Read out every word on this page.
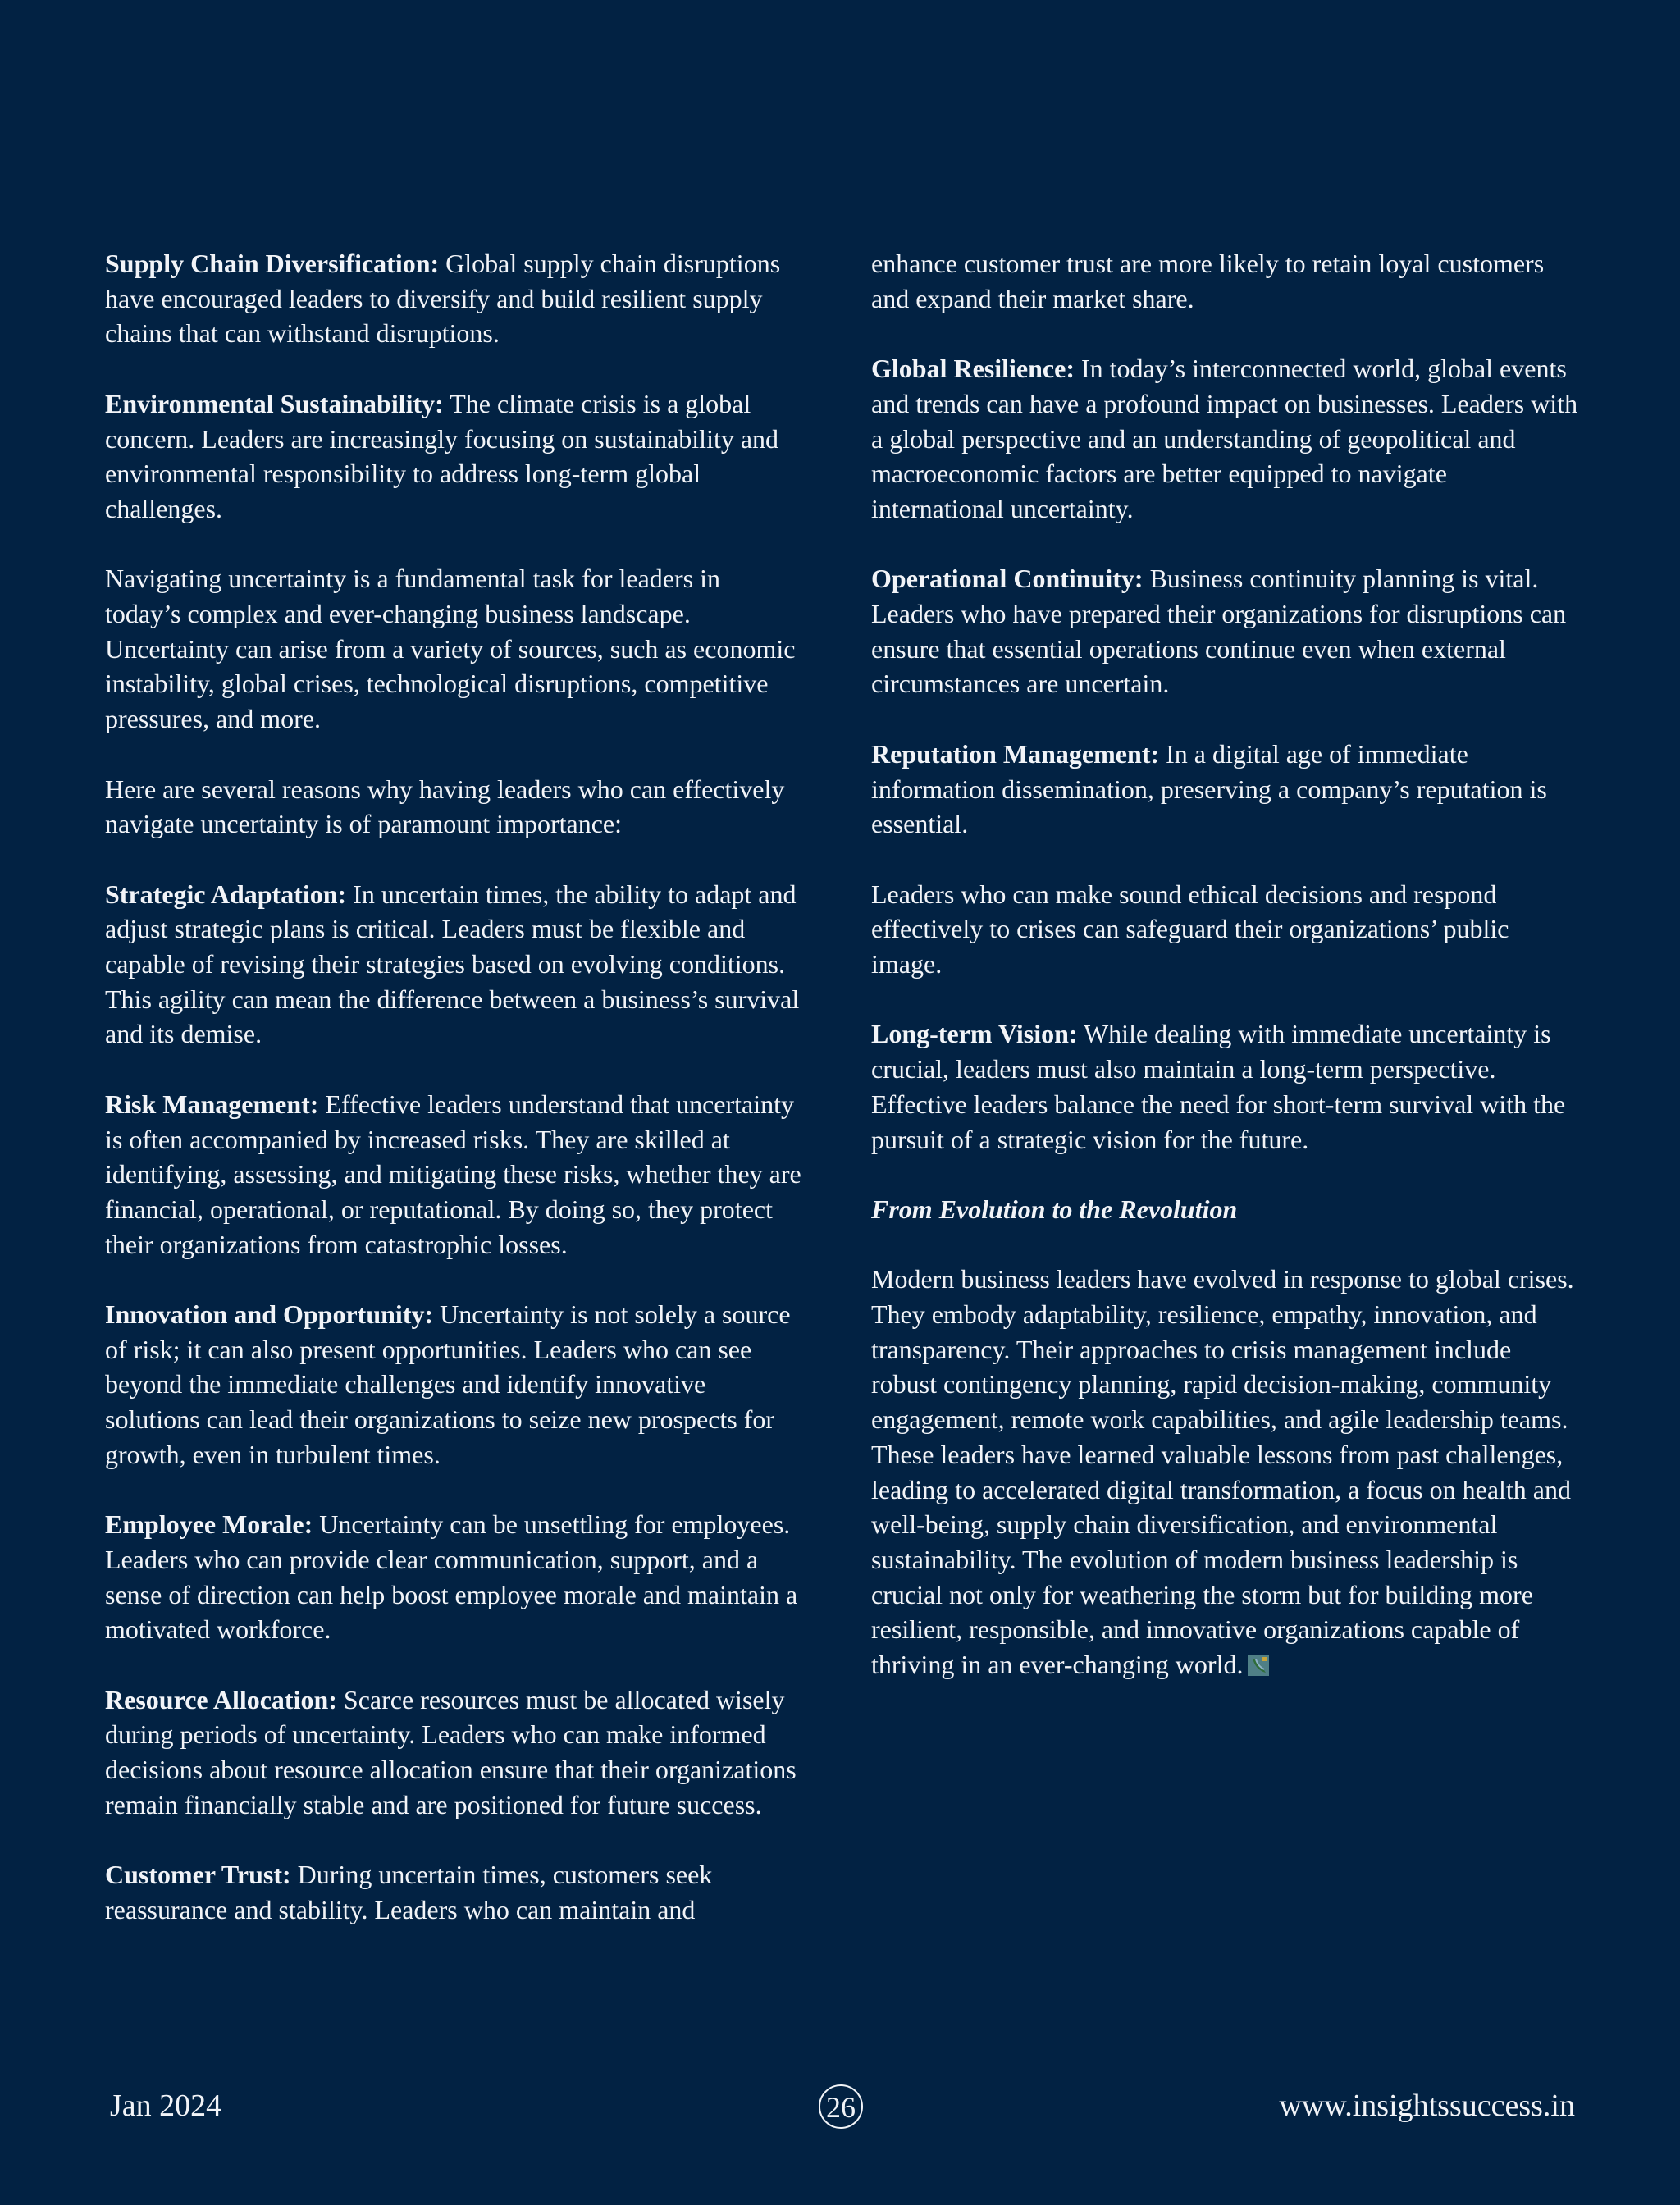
Supply Chain Diversification: Global supply chain disruptions have encouraged leaders to diversify and build resilient supply chains that can withstand disruptions.

Environmental Sustainability: The climate crisis is a global concern. Leaders are increasingly focusing on sustainability and environmental responsibility to address long-term global challenges.

Navigating uncertainty is a fundamental task for leaders in today’s complex and ever-changing business landscape. Uncertainty can arise from a variety of sources, such as economic instability, global crises, technological disruptions, competitive pressures, and more.

Here are several reasons why having leaders who can effectively navigate uncertainty is of paramount importance:

Strategic Adaptation: In uncertain times, the ability to adapt and adjust strategic plans is critical. Leaders must be flexible and capable of revising their strategies based on evolving conditions. This agility can mean the difference between a business’s survival and its demise.

Risk Management: Effective leaders understand that uncertainty is often accompanied by increased risks. They are skilled at identifying, assessing, and mitigating these risks, whether they are financial, operational, or reputational. By doing so, they protect their organizations from catastrophic losses.

Innovation and Opportunity: Uncertainty is not solely a source of risk; it can also present opportunities. Leaders who can see beyond the immediate challenges and identify innovative solutions can lead their organizations to seize new prospects for growth, even in turbulent times.

Employee Morale: Uncertainty can be unsettling for employees. Leaders who can provide clear communication, support, and a sense of direction can help boost employee morale and maintain a motivated workforce.

Resource Allocation: Scarce resources must be allocated wisely during periods of uncertainty. Leaders who can make informed decisions about resource allocation ensure that their organizations remain financially stable and are positioned for future success.

Customer Trust: During uncertain times, customers seek reassurance and stability. Leaders who can maintain and

enhance customer trust are more likely to retain loyal customers and expand their market share.

Global Resilience: In today’s interconnected world, global events and trends can have a profound impact on businesses. Leaders with a global perspective and an understanding of geopolitical and macroeconomic factors are better equipped to navigate international uncertainty.

Operational Continuity: Business continuity planning is vital. Leaders who have prepared their organizations for disruptions can ensure that essential operations continue even when external circumstances are uncertain.

Reputation Management: In a digital age of immediate information dissemination, preserving a company’s reputation is essential.

Leaders who can make sound ethical decisions and respond effectively to crises can safeguard their organizations’ public image.

Long-term Vision: While dealing with immediate uncertainty is crucial, leaders must also maintain a long-term perspective. Effective leaders balance the need for short-term survival with the pursuit of a strategic vision for the future.

From Evolution to the Revolution

Modern business leaders have evolved in response to global crises. They embody adaptability, resilience, empathy, innovation, and transparency. Their approaches to crisis management include robust contingency planning, rapid decision-making, community engagement, remote work capabilities, and agile leadership teams.

These leaders have learned valuable lessons from past challenges, leading to accelerated digital transformation, a focus on health and well-being, supply chain diversification, and environmental sustainability. The evolution of modern business leadership is crucial not only for weathering the storm but for building more resilient, responsible, and innovative organizations capable of thriving in an ever-changing world.

Jan 2024	26	www.insightssuccess.in
